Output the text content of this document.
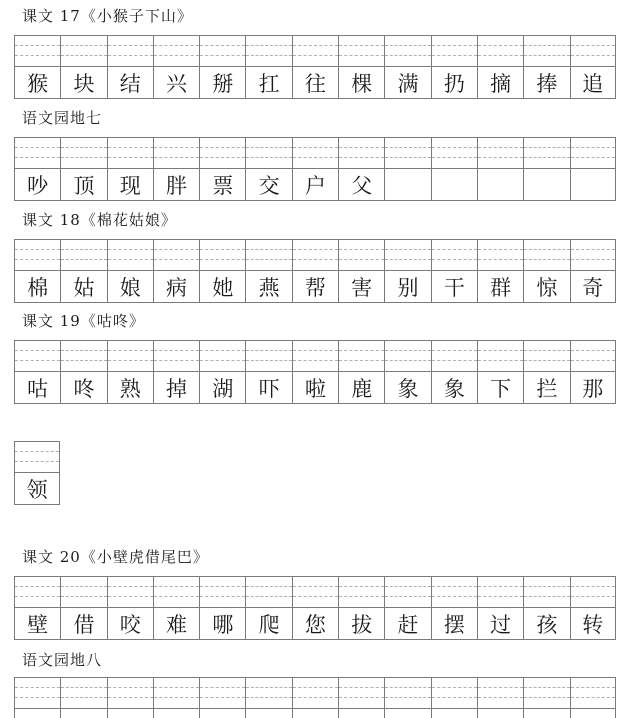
课文 17《小猴子下山》
猴	块	结	兴	掰	扛	往	棵	满	扔	摘	捧	追
语文园地七
吵	顶	现	胖	票	交	户	父
课文 18《棉花姑娘》
棉	姑	娘	病	她	燕	帮	害	别	干	群	惊	奇
课文 19《咕咚》
咕	咚	熟	掉	湖	吓	啦	鹿	象	象	下	拦	那
领
课文 20《小壁虎借尾巴》
壁	借	咬	难	哪	爬	您	拔	赶	摆	过	孩	转
语文园地八
